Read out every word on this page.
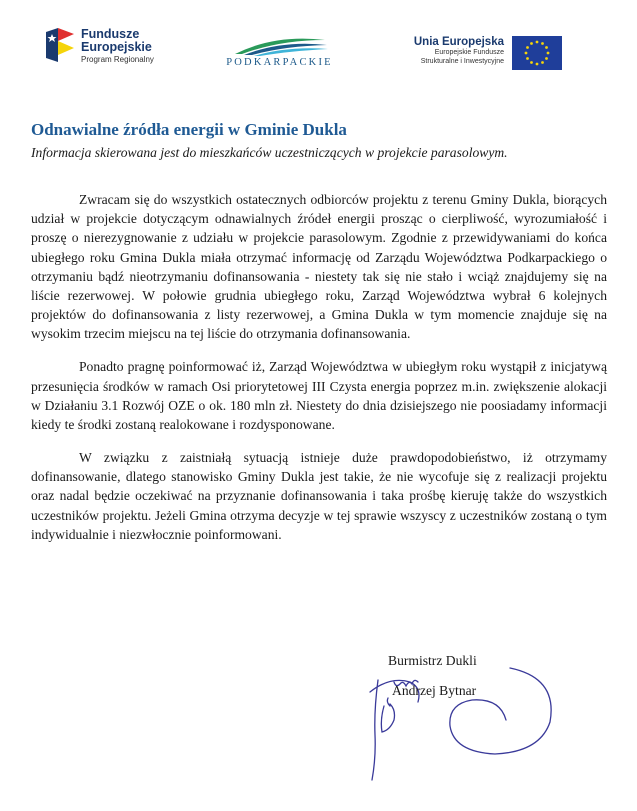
Fundusze
Europejskie
Program Regionalny	PODKARPACKIE
Unia Europejska
Europejskie Fundusze
Strukturalne i Inwestycyjne
Odnawialne źródła energii w Gminie Dukla

Informacja skierowana jest do mieszkańców uczestniczących w projekcie parasolowym.

Zwracam się do wszystkich ostatecznych odbiorców projektu z terenu Gminy Dukla, biorących udział w projekcie dotyczącym odnawialnych źródeł energii prosząc o cierpliwość, wyrozumiałość i proszę o nierezygnowanie z udziału w projekcie parasolowym. Zgodnie z przewidywaniami do końca ubiegłego roku Gmina Dukla miała otrzymać informację od Zarządu Województwa Podkarpackiego o otrzymaniu bądź nieotrzymaniu dofinansowania - niestety tak się nie stało i wciąż znajdujemy się na liście rezerwowej. W połowie grudnia ubiegłego roku, Zarząd Województwa wybrał 6 kolejnych projektów do dofinansowania z listy rezerwowej, a Gmina Dukla w tym momencie znajduje się na wysokim trzecim miejscu na tej liście do otrzymania dofinansowania.

Ponadto pragnę poinformować iż, Zarząd Województwa w ubiegłym roku wystąpił z inicjatywą przesunięcia środków w ramach Osi priorytetowej III Czysta energia poprzez m.in. zwiększenie alokacji w Działaniu 3.1 Rozwój OZE o ok. 180 mln zł. Niestety do dnia dzisiejszego nie poosiadamy informacji kiedy te środki zostaną realokowane i rozdysponowane.

W związku z zaistniałą sytuacją istnieje duże prawdopodobieństwo, iż otrzymamy dofinansowanie, dlatego stanowisko Gminy Dukla jest takie, że nie wycofuje się z realizacji projektu oraz nadal będzie oczekiwać na przyznanie dofinansowania i taka prośbę kieruję także do wszystkich uczestników projektu. Jeżeli Gmina otrzyma decyzje w tej sprawie wszyscy z uczestników zostaną o tym indywidualnie i niezwłocznie poinformowani.

Burmistrz Dukli
Andrzej Bytnar
